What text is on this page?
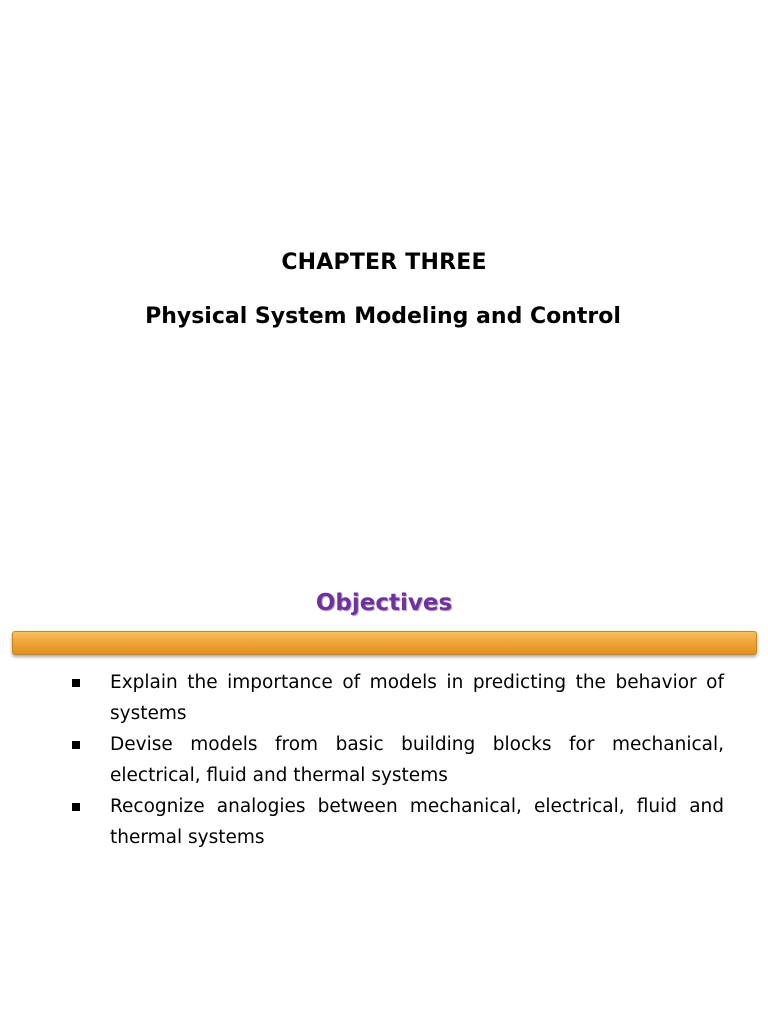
CHAPTER THREE
Physical System Modeling and Control
Objectives
Explain the importance of models in predicting the behavior of systems
Devise models from basic building blocks for mechanical, electrical, fluid and thermal systems
Recognize analogies between mechanical, electrical, fluid and thermal systems
